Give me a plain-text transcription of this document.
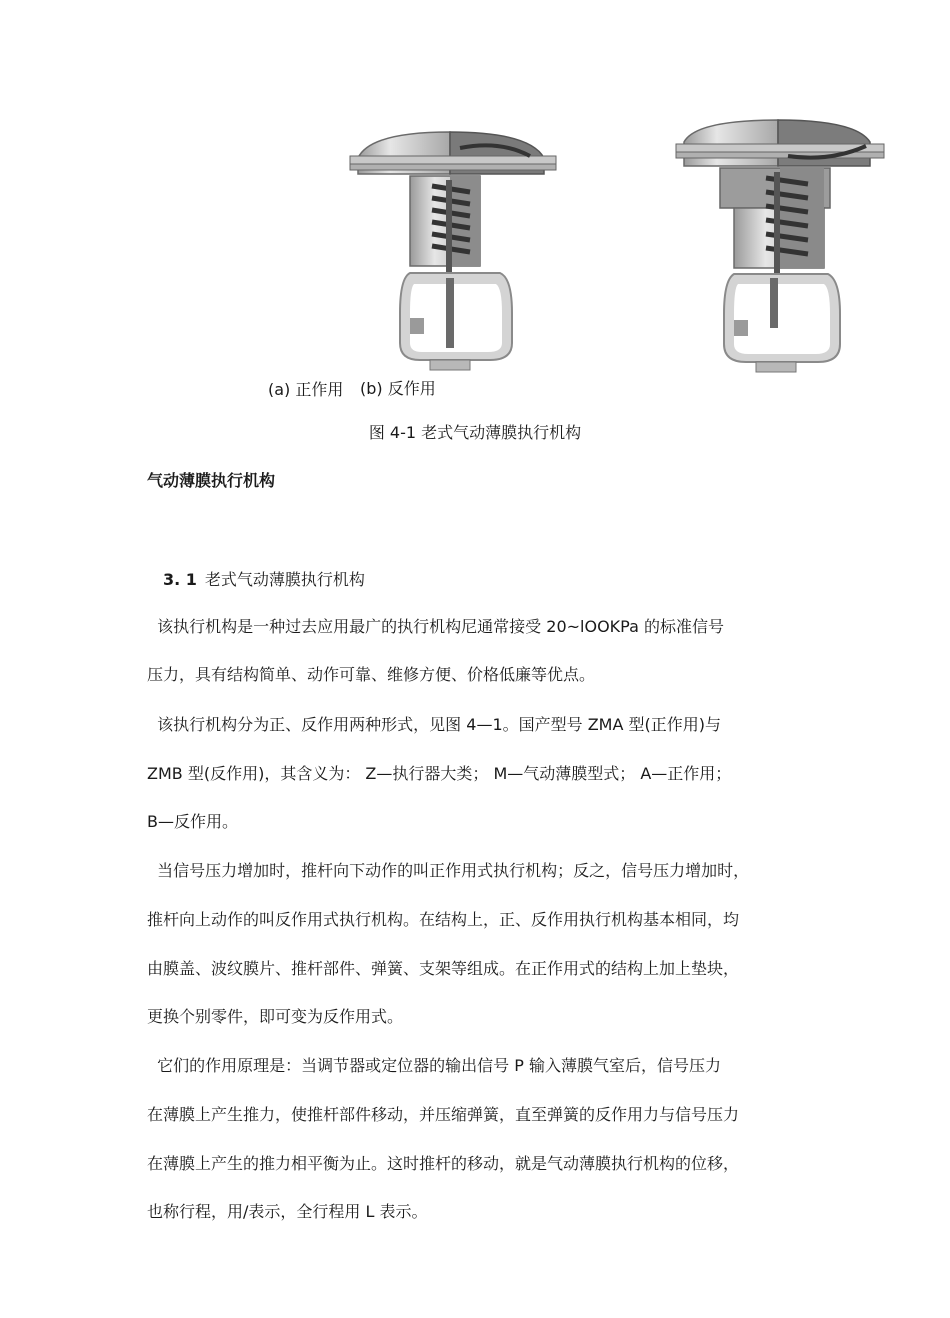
(a) 正作用 (b) 反作用
图 4-1 老式气动薄膜执行机构
气动薄膜执行机构
3. 1 老式气动薄膜执行机构
该执行机构是一种过去应用最广的执行机构尼通常接受 20~lOOKPa 的标准信号
压力，具有结构简单、动作可靠、维修方便、价格低廉等优点。
该执行机构分为正、反作用两种形式，见图 4—1。国产型号 ZMA 型(正作用)与
ZMB 型(反作用)，其含义为： Z—执行器大类； M—气动薄膜型式； A—正作用；
B—反作用。
当信号压力增加时，推杆向下动作的叫正作用式执行机构；反之，信号压力增加时，
推杆向上动作的叫反作用式执行机构。在结构上，正、反作用执行机构基本相同，均
由膜盖、波纹膜片、推杆部件、弹簧、支架等组成。在正作用式的结构上加上垫块，
更换个别零件，即可变为反作用式。
它们的作用原理是：当调节器或定位器的输出信号 P 输入薄膜气室后，信号压力
在薄膜上产生推力，使推杆部件移动，并压缩弹簧，直至弹簧的反作用力与信号压力
在薄膜上产生的推力相平衡为止。这时推杆的移动，就是气动薄膜执行机构的位移，
也称行程，用/表示，全行程用 L 表示。
